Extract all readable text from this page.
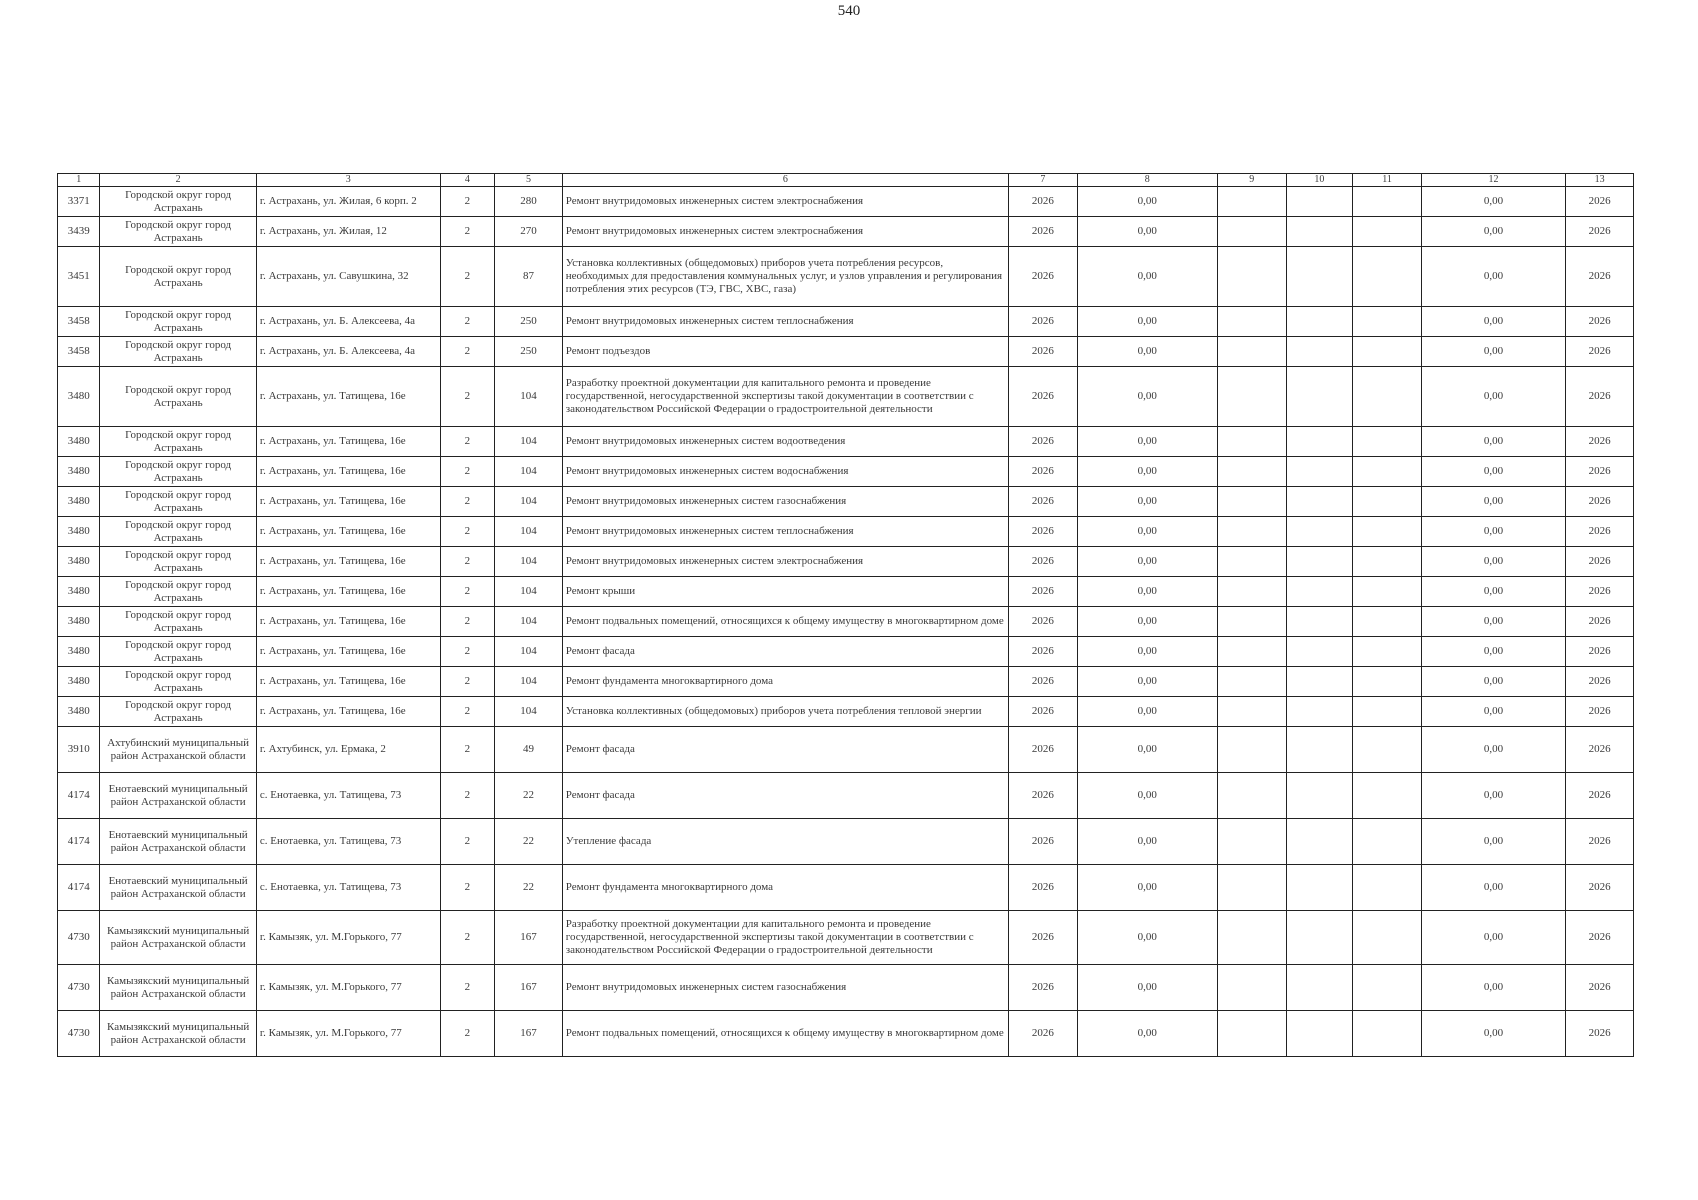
540
1	2	3	4	5	6	7	8	9	10	11	12	13
3371	Городской округ город Астрахань	г. Астрахань, ул. Жилая, 6 корп. 2	2	280	Ремонт внутридомовых инженерных систем электроснабжения	2026	0,00				0,00	2026
3439	Городской округ город Астрахань	г. Астрахань, ул. Жилая, 12	2	270	Ремонт внутридомовых инженерных систем электроснабжения	2026	0,00				0,00	2026
3451	Городской округ город Астрахань	г. Астрахань, ул. Савушкина, 32	2	87	Установка коллективных (общедомовых) приборов учета потребления ресурсов, необходимых для предоставления коммунальных услуг, и узлов управления и регулирования потребления этих ресурсов (ТЭ, ГВС, ХВС, газа)	2026	0,00				0,00	2026
3458	Городской округ город Астрахань	г. Астрахань, ул. Б. Алексеева, 4а	2	250	Ремонт внутридомовых инженерных систем теплоснабжения	2026	0,00				0,00	2026
3458	Городской округ город Астрахань	г. Астрахань, ул. Б. Алексеева, 4а	2	250	Ремонт подъездов	2026	0,00				0,00	2026
3480	Городской округ город Астрахань	г. Астрахань, ул. Татищева, 16е	2	104	Разработку проектной документации для капитального ремонта и проведение государственной, негосударственной экспертизы такой документации в соответствии с законодательством Российской Федерации о градостроительной деятельности	2026	0,00				0,00	2026
3480	Городской округ город Астрахань	г. Астрахань, ул. Татищева, 16е	2	104	Ремонт внутридомовых инженерных систем водоотведения	2026	0,00				0,00	2026
3480	Городской округ город Астрахань	г. Астрахань, ул. Татищева, 16е	2	104	Ремонт внутридомовых инженерных систем водоснабжения	2026	0,00				0,00	2026
3480	Городской округ город Астрахань	г. Астрахань, ул. Татищева, 16е	2	104	Ремонт внутридомовых инженерных систем газоснабжения	2026	0,00				0,00	2026
3480	Городской округ город Астрахань	г. Астрахань, ул. Татищева, 16е	2	104	Ремонт внутридомовых инженерных систем теплоснабжения	2026	0,00				0,00	2026
3480	Городской округ город Астрахань	г. Астрахань, ул. Татищева, 16е	2	104	Ремонт внутридомовых инженерных систем электроснабжения	2026	0,00				0,00	2026
3480	Городской округ город Астрахань	г. Астрахань, ул. Татищева, 16е	2	104	Ремонт крыши	2026	0,00				0,00	2026
3480	Городской округ город Астрахань	г. Астрахань, ул. Татищева, 16е	2	104	Ремонт подвальных помещений, относящихся к общему имуществу в многоквартирном доме	2026	0,00				0,00	2026
3480	Городской округ город Астрахань	г. Астрахань, ул. Татищева, 16е	2	104	Ремонт фасада	2026	0,00				0,00	2026
3480	Городской округ город Астрахань	г. Астрахань, ул. Татищева, 16е	2	104	Ремонт фундамента многоквартирного дома	2026	0,00				0,00	2026
3480	Городской округ город Астрахань	г. Астрахань, ул. Татищева, 16е	2	104	Установка коллективных (общедомовых) приборов учета потребления тепловой энергии	2026	0,00				0,00	2026
3910	Ахтубинский муниципальный район Астраханской области	г. Ахтубинск, ул. Ермака, 2	2	49	Ремонт фасада	2026	0,00				0,00	2026
4174	Енотаевский муниципальный район Астраханской области	с. Енотаевка, ул. Татищева, 73	2	22	Ремонт фасада	2026	0,00				0,00	2026
4174	Енотаевский муниципальный район Астраханской области	с. Енотаевка, ул. Татищева, 73	2	22	Утепление фасада	2026	0,00				0,00	2026
4174	Енотаевский муниципальный район Астраханской области	с. Енотаевка, ул. Татищева, 73	2	22	Ремонт фундамента многоквартирного дома	2026	0,00				0,00	2026
4730	Камызякский муниципальный район Астраханской области	г. Камызяк, ул. М.Горького, 77	2	167	Разработку проектной документации для капитального ремонта и проведение государственной, негосударственной экспертизы такой документации в соответствии с законодательством Российской Федерации о градостроительной деятельности	2026	0,00				0,00	2026
4730	Камызякский муниципальный район Астраханской области	г. Камызяк, ул. М.Горького, 77	2	167	Ремонт внутридомовых инженерных систем газоснабжения	2026	0,00				0,00	2026
4730	Камызякский муниципальный район Астраханской области	г. Камызяк, ул. М.Горького, 77	2	167	Ремонт подвальных помещений, относящихся к общему имуществу в многоквартирном доме	2026	0,00				0,00	2026
